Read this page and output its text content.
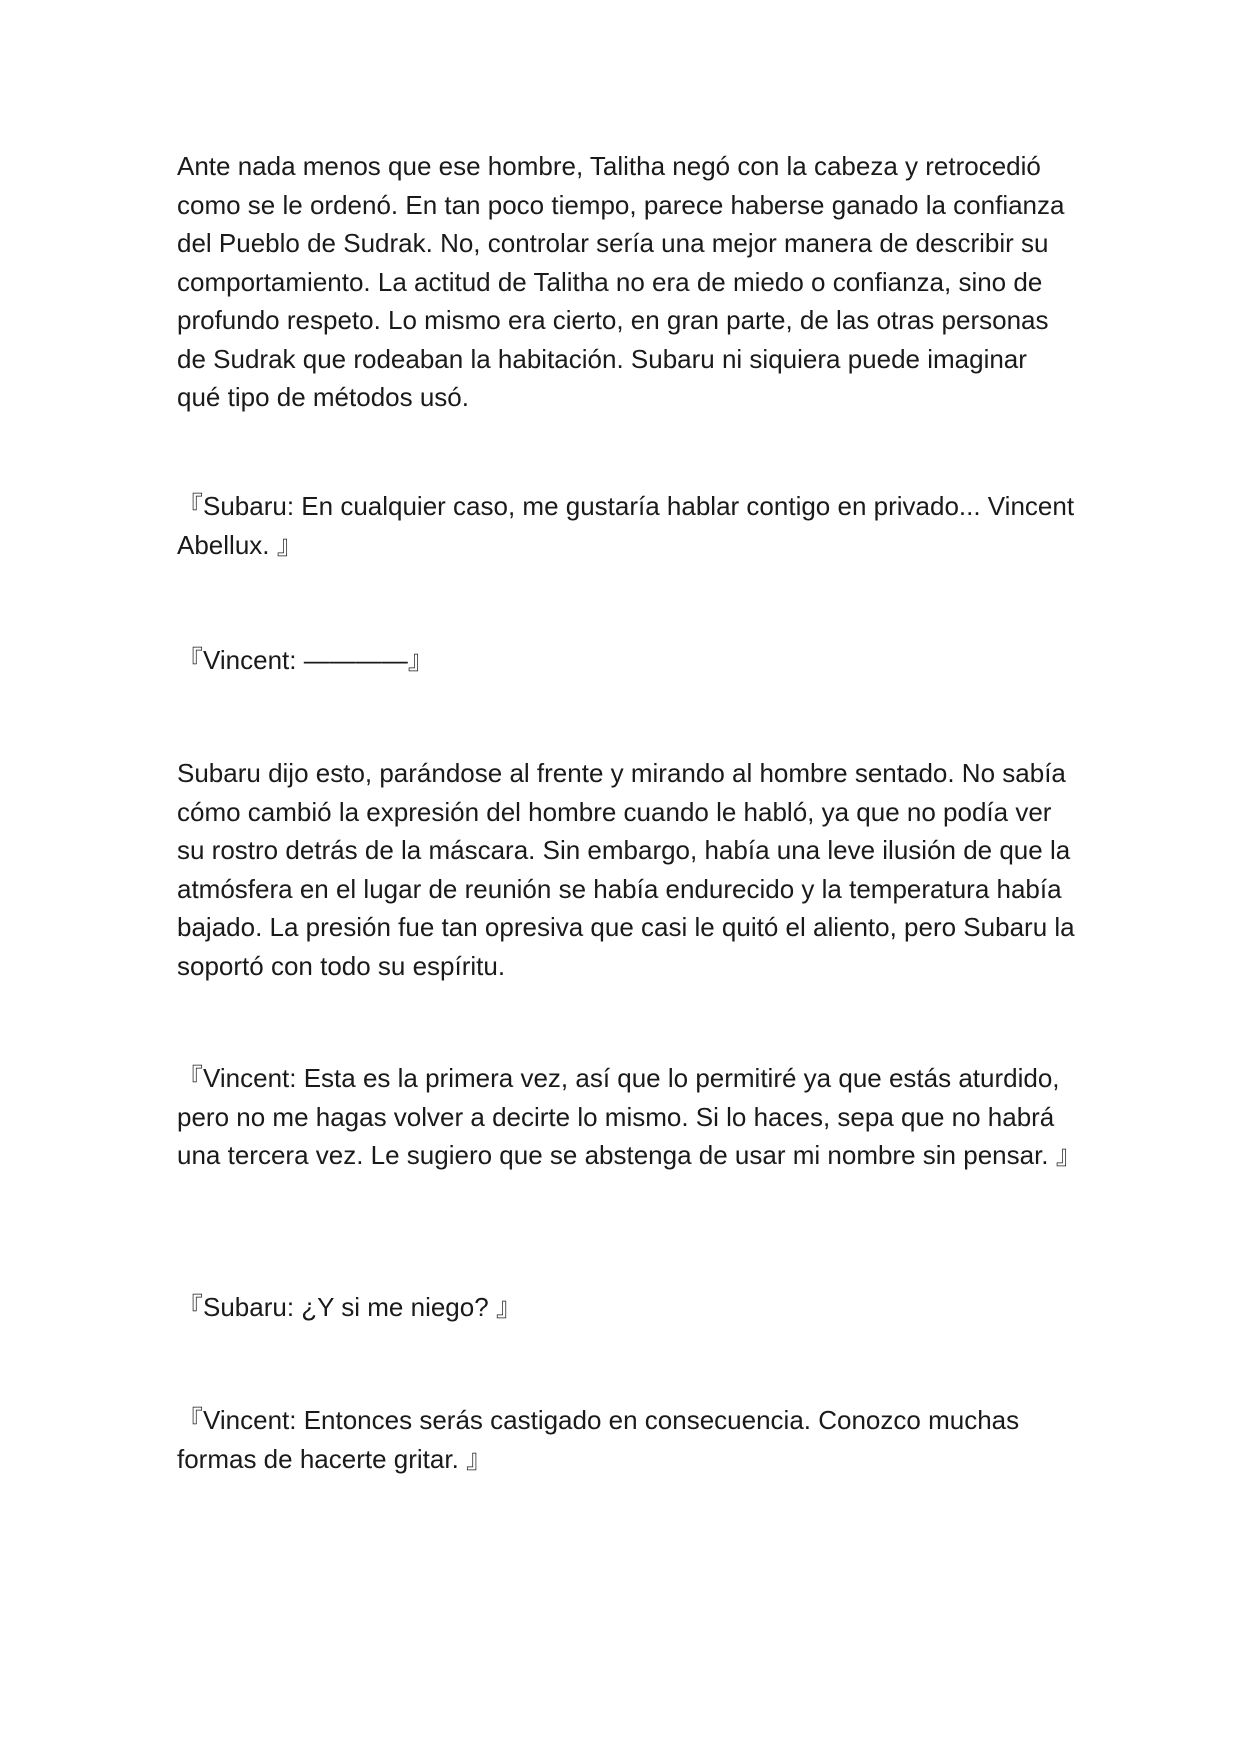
Ante nada menos que ese hombre, Talitha negó con la cabeza y retrocedió como se le ordenó. En tan poco tiempo, parece haberse ganado la confianza del Pueblo de Sudrak. No, controlar sería una mejor manera de describir su comportamiento. La actitud de Talitha no era de miedo o confianza, sino de profundo respeto. Lo mismo era cierto, en gran parte, de las otras personas de Sudrak que rodeaban la habitación. Subaru ni siquiera puede imaginar qué tipo de métodos usó.

『Subaru: En cualquier caso, me gustaría hablar contigo en privado... Vincent Abellux. 』

『Vincent: ————』

Subaru dijo esto, parándose al frente y mirando al hombre sentado. No sabía cómo cambió la expresión del hombre cuando le habló, ya que no podía ver su rostro detrás de la máscara. Sin embargo, había una leve ilusión de que la atmósfera en el lugar de reunión se había endurecido y la temperatura había bajado. La presión fue tan opresiva que casi le quitó el aliento, pero Subaru la soportó con todo su espíritu.

『Vincent: Esta es la primera vez, así que lo permitiré ya que estás aturdido, pero no me hagas volver a decirte lo mismo. Si lo haces, sepa que no habrá una tercera vez. Le sugiero que se abstenga de usar mi nombre sin pensar. 』

『Subaru: ¿Y si me niego? 』

『Vincent: Entonces serás castigado en consecuencia. Conozco muchas formas de hacerte gritar. 』
